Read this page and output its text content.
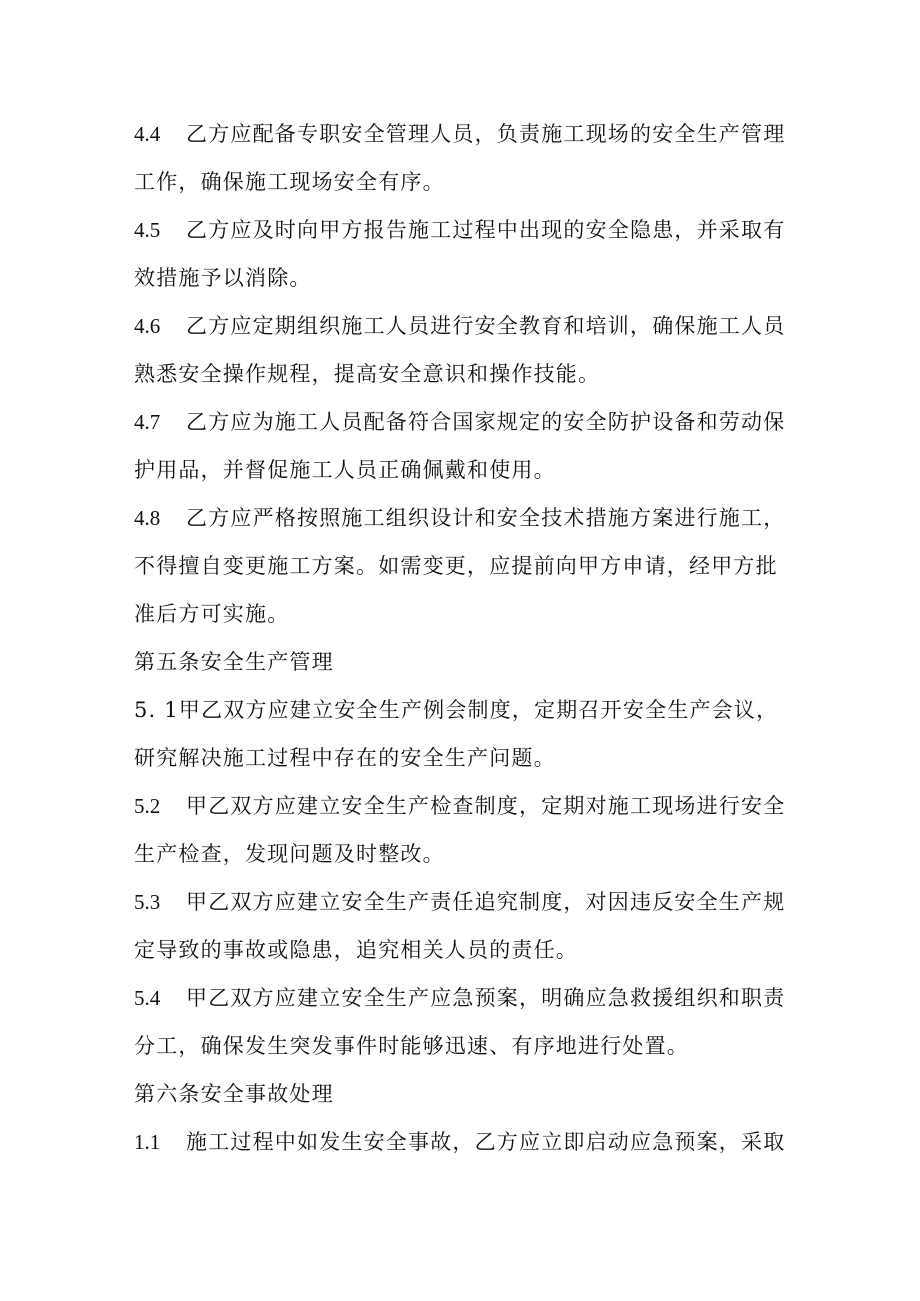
4.4 乙方应配备专职安全管理人员，负责施工现场的安全生产管理
工作，确保施工现场安全有序。
4.5 乙方应及时向甲方报告施工过程中出现的安全隐患，并采取有
效措施予以消除。
4.6 乙方应定期组织施工人员进行安全教育和培训，确保施工人员
熟悉安全操作规程，提高安全意识和操作技能。
4.7 乙方应为施工人员配备符合国家规定的安全防护设备和劳动保
护用品，并督促施工人员正确佩戴和使用。
4.8 乙方应严格按照施工组织设计和安全技术措施方案进行施工，
不得擅自变更施工方案。如需变更，应提前向甲方申请，经甲方批
准后方可实施。
第五条安全生产管理
5. 1甲乙双方应建立安全生产例会制度，定期召开安全生产会议，
研究解决施工过程中存在的安全生产问题。
5.2 甲乙双方应建立安全生产检查制度，定期对施工现场进行安全
生产检查，发现问题及时整改。
5.3 甲乙双方应建立安全生产责任追究制度，对因违反安全生产规
定导致的事故或隐患，追究相关人员的责任。
5.4 甲乙双方应建立安全生产应急预案，明确应急救援组织和职责
分工，确保发生突发事件时能够迅速、有序地进行处置。
第六条安全事故处理
1.1 施工过程中如发生安全事故，乙方应立即启动应急预案，采取
